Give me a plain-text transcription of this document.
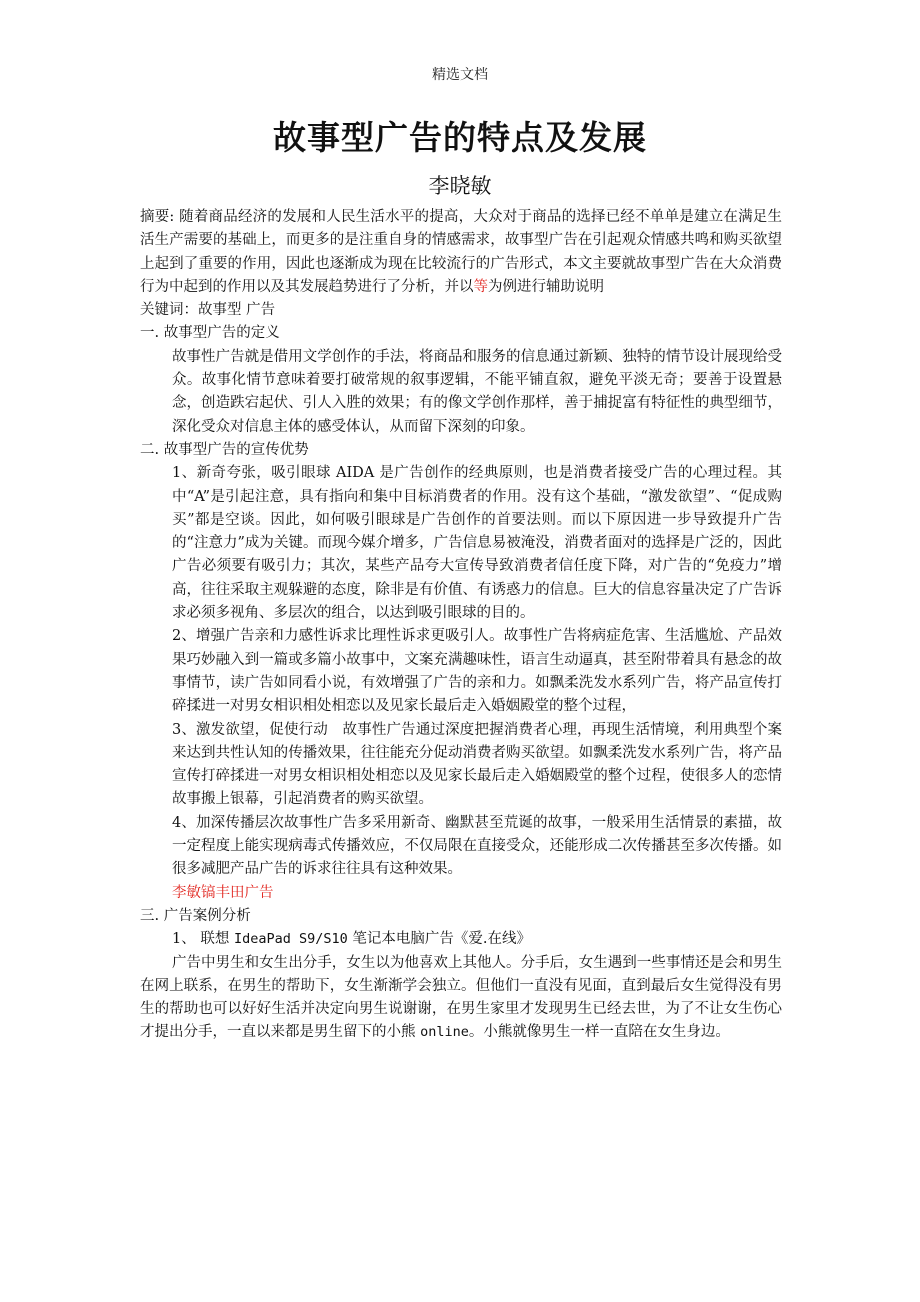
精选文档
故事型广告的特点及发展
李晓敏

摘要: 随着商品经济的发展和人民生活水平的提高，大众对于商品的选择已经不单单是建立在满足生活生产需要的基础上，而更多的是注重自身的情感需求，故事型广告在引起观众情感共鸣和购买欲望上起到了重要的作用，因此也逐渐成为现在比较流行的广告形式，本文主要就故事型广告在大众消费行为中起到的作用以及其发展趋势进行了分析，并以等为例进行辅助说明

关键词：故事型 广告

一. 故事型广告的定义

故事性广告就是借用文学创作的手法，将商品和服务的信息通过新颖、独特的情节设计展现给受众。故事化情节意味着要打破常规的叙事逻辑，不能平铺直叙，避免平淡无奇；要善于设置悬念，创造跌宕起伏、引人入胜的效果；有的像文学创作那样，善于捕捉富有特征性的典型细节，深化受众对信息主体的感受体认，从而留下深刻的印象。

二. 故事型广告的宣传优势

1、新奇夸张，吸引眼球 AIDA 是广告创作的经典原则，也是消费者接受广告的心理过程。其中“A”是引起注意，具有指向和集中目标消费者的作用。没有这个基础，“激发欲望”、“促成购买”都是空谈。因此，如何吸引眼球是广告创作的首要法则。而以下原因进一步导致提升广告的“注意力”成为关键。而现今媒介增多，广告信息易被淹没，消费者面对的选择是广泛的，因此广告必须要有吸引力；其次，某些产品夸大宣传导致消费者信任度下降，对广告的“免疫力”增高，往往采取主观躲避的态度，除非是有价值、有诱惑力的信息。巨大的信息容量决定了广告诉求必须多视角、多层次的组合，以达到吸引眼球的目的。

2、增强广告亲和力感性诉求比理性诉求更吸引人。故事性广告将病症危害、生活尴尬、产品效果巧妙融入到一篇或多篇小故事中，文案充满趣味性，语言生动逼真，甚至附带着具有悬念的故事情节，读广告如同看小说，有效增强了广告的亲和力。如飘柔洗发水系列广告，将产品宣传打碎揉进一对男女相识相处相恋以及见家长最后走入婚姻殿堂的整个过程，

3、激发欲望，促使行动　故事性广告通过深度把握消费者心理，再现生活情境，利用典型个案来达到共性认知的传播效果，往往能充分促动消费者购买欲望。如飘柔洗发水系列广告，将产品宣传打碎揉进一对男女相识相处相恋以及见家长最后走入婚姻殿堂的整个过程，使很多人的恋情故事搬上银幕，引起消费者的购买欲望。

4、加深传播层次故事性广告多采用新奇、幽默甚至荒诞的故事，一般采用生活情景的素描，故一定程度上能实现病毒式传播效应，不仅局限在直接受众，还能形成二次传播甚至多次传播。如很多减肥产品广告的诉求往往具有这种效果。

李敏镐丰田广告

三. 广告案例分析

1、 联想 IdeaPad S9/S10 笔记本电脑广告《爱.在线》

广告中男生和女生出分手，女生以为他喜欢上其他人。分手后，女生遇到一些事情还是会和男生在网上联系，在男生的帮助下，女生渐渐学会独立。但他们一直没有见面，直到最后女生觉得没有男生的帮助也可以好好生活并决定向男生说谢谢，在男生家里才发现男生已经去世，为了不让女生伤心才提出分手，一直以来都是男生留下的小熊 online。小熊就像男生一样一直陪在女生身边。
